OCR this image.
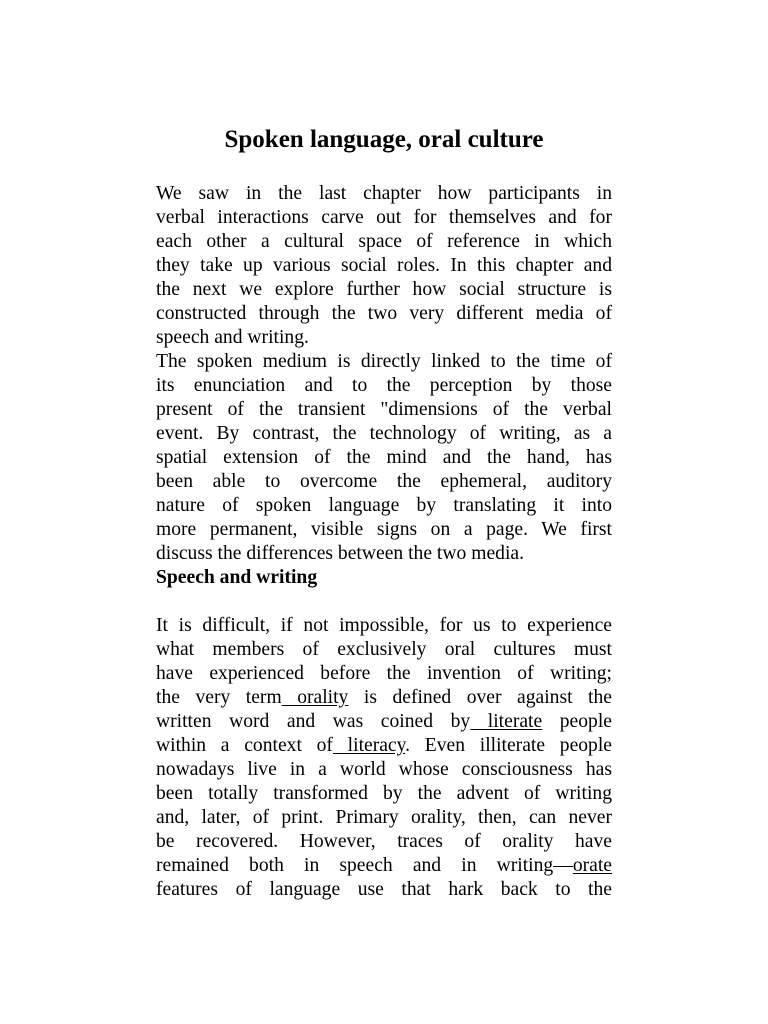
Spoken language, oral culture
We saw in the last chapter how participants in
verbal interactions carve out for themselves and for
each other a cultural space of reference in which
they take up various social roles. In this chapter and
the next we explore further how social structure is
constructed through the two very different media of
speech and writing.
The spoken medium is directly linked to the time of
its enunciation and to the perception by those
present of the transient "dimensions of the verbal
event. By contrast, the technology of writing, as a
spatial extension of the mind and the hand, has
been able to overcome the ephemeral, auditory
nature of spoken language by translating it into
more permanent, visible signs on a page. We first
discuss the differences between the two media.
Speech and writing
It is difficult, if not impossible, for us to experience
what members of exclusively oral cultures must
have experienced before the invention of writing;
the very term orality is defined over against the
written word and was coined by literate people
within a context of literacy. Even illiterate people
nowadays live in a world whose consciousness has
been totally transformed by the advent of writing
and, later, of print. Primary orality, then, can never
be recovered. However, traces of orality have
remained both in speech and in writing—orate
features of language use that hark back to the
